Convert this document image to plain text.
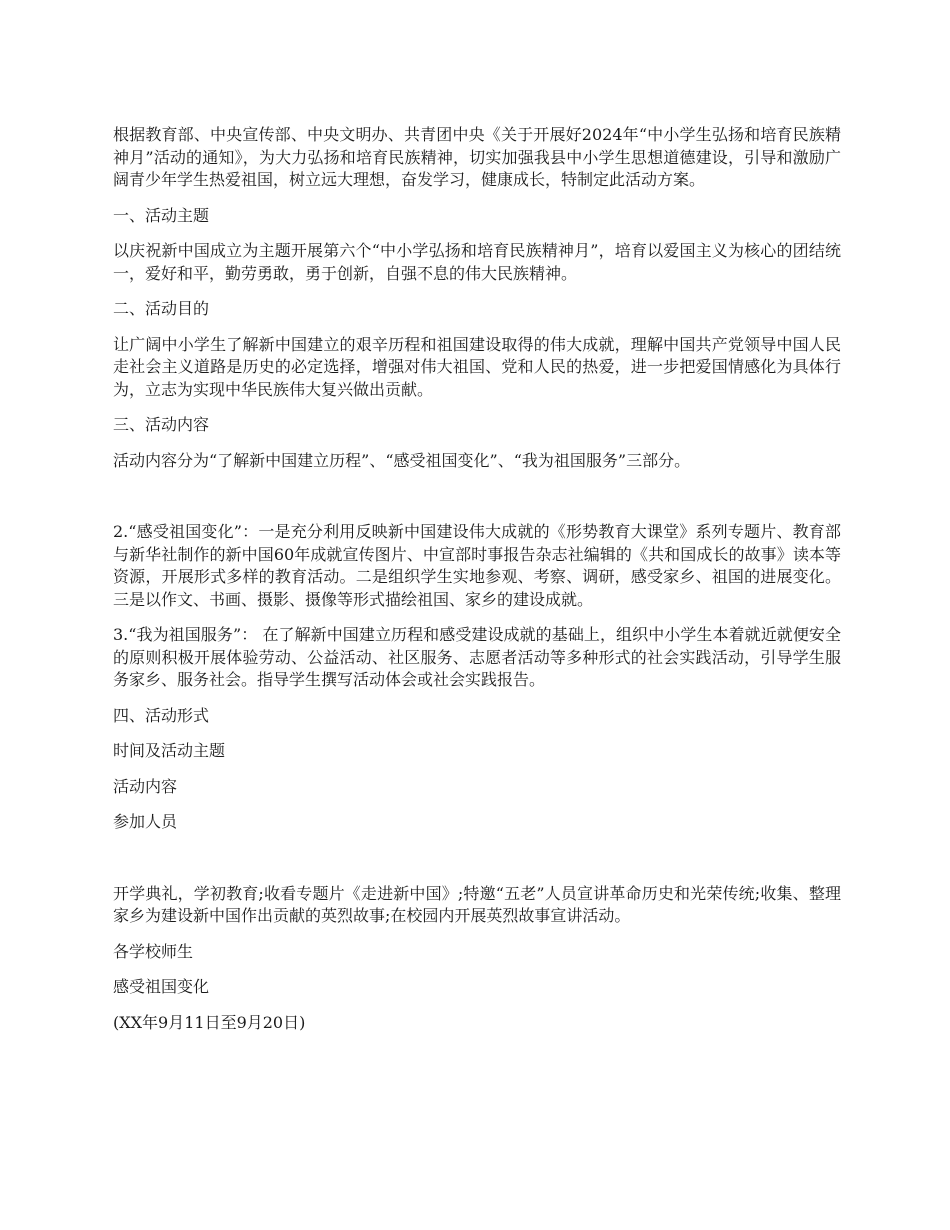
根据教育部、中央宣传部、中央文明办、共青团中央《关于开展好2024年“中小学生弘扬和培育民族精神月”活动的通知》，为大力弘扬和培育民族精神，切实加强我县中小学生思想道德建设，引导和激励广阔青少年学生热爱祖国，树立远大理想，奋发学习，健康成长，特制定此活动方案。

一、活动主题

以庆祝新中国成立为主题开展第六个“中小学弘扬和培育民族精神月”，培育以爱国主义为核心的团结统一，爱好和平，勤劳勇敢，勇于创新，自强不息的伟大民族精神。

二、活动目的

让广阔中小学生了解新中国建立的艰辛历程和祖国建设取得的伟大成就，理解中国共产党领导中国人民走社会主义道路是历史的必定选择，增强对伟大祖国、党和人民的热爱，进一步把爱国情感化为具体行为，立志为实现中华民族伟大复兴做出贡献。

三、活动内容

活动内容分为“了解新中国建立历程”、“感受祖国变化”、“我为祖国服务”三部分。

2.“感受祖国变化”：一是充分利用反映新中国建设伟大成就的《形势教育大课堂》系列专题片、教育部与新华社制作的新中国60年成就宣传图片、中宣部时事报告杂志社编辑的《共和国成长的故事》读本等资源，开展形式多样的教育活动。二是组织学生实地参观、考察、调研，感受家乡、祖国的进展变化。三是以作文、书画、摄影、摄像等形式描绘祖国、家乡的建设成就。

3.“我为祖国服务”： 在了解新中国建立历程和感受建设成就的基础上，组织中小学生本着就近就便安全的原则积极开展体验劳动、公益活动、社区服务、志愿者活动等多种形式的社会实践活动，引导学生服务家乡、服务社会。指导学生撰写活动体会或社会实践报告。

四、活动形式

时间及活动主题

活动内容

参加人员

开学典礼，学初教育;收看专题片《走进新中国》;特邀“五老”人员宣讲革命历史和光荣传统;收集、整理家乡为建设新中国作出贡献的英烈故事;在校园内开展英烈故事宣讲活动。

各学校师生

感受祖国变化

(XX年9月11日至9月20日)
